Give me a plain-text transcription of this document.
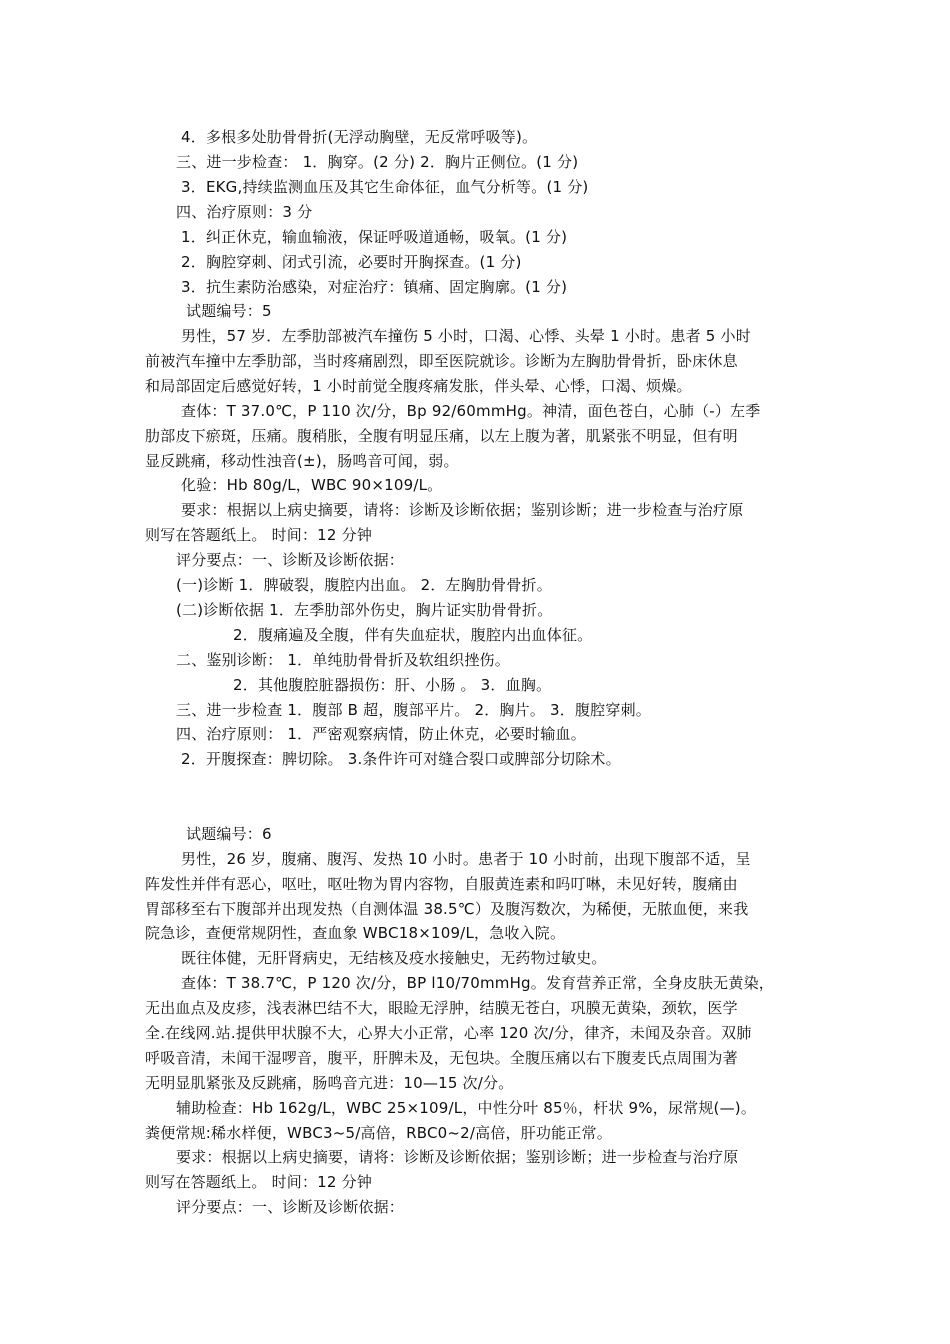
4．多根多处肋骨骨折(无浮动胸壁，无反常呼吸等)。
三、进一步检查： 1．胸穿。(2 分) 2．胸片正侧位。(1 分)
3．EKG,持续监测血压及其它生命体征，血气分析等。(1 分)
四、治疗原则：3 分
1．纠正休克，输血输液，保证呼吸道通畅，吸氧。(1 分)
2．胸腔穿刺、闭式引流，必要时开胸探查。(1 分)
3．抗生素防治感染，对症治疗：镇痛、固定胸廓。(1 分)
试题编号：5
男性，57 岁．左季肋部被汽车撞伤 5 小时，口渴、心悸、头晕 1 小时。患者 5 小时
前被汽车撞中左季肋部，当时疼痛剧烈，即至医院就诊。诊断为左胸肋骨骨折，卧床休息
和局部固定后感觉好转，1 小时前觉全腹疼痛发胀，伴头晕、心悸，口渴、烦燥。
查体：T 37.0℃，P 110 次/分，Bp 92/60mmHg。神清，面色苍白，心肺（-）左季
肋部皮下瘀斑，压痛。腹稍胀，全腹有明显压痛，以左上腹为著，肌紧张不明显，但有明
显反跳痛，移动性浊音(±)，肠鸣音可闻，弱。
化验：Hb 80g/L，WBC 90×109/L。
要求：根据以上病史摘要，请将：诊断及诊断依据；鉴别诊断；进一步检查与治疗原
则写在答题纸上。 时间：12 分钟
评分要点：一、诊断及诊断依据：
(一)诊断 1．脾破裂，腹腔内出血。 2．左胸肋骨骨折。
(二)诊断依据 1．左季肋部外伤史，胸片证实肋骨骨折。
2．腹痛遍及全腹，伴有失血症状，腹腔内出血体征。
二、鉴别诊断： 1．单纯肋骨骨折及软组织挫伤。
2．其他腹腔脏器损伤：肝、小肠 。 3．血胸。
三、进一步检查 1．腹部 B 超，腹部平片。 2．胸片。 3．腹腔穿刺。
四、治疗原则： 1．严密观察病情，防止休克，必要时输血。
2．开腹探查：脾切除。 3.条件许可对缝合裂口或脾部分切除术。
试题编号：6
男性，26 岁，腹痛、腹泻、发热 10 小时。患者于 10 小时前，出现下腹部不适，呈
阵发性并伴有恶心，呕吐，呕吐物为胃内容物，自服黄连素和吗叮啉，未见好转，腹痛由
胃部移至右下腹部并出现发热（自测体温 38.5℃）及腹泻数次，为稀便，无脓血便，来我
院急诊，查便常规阴性，查血象 WBC18×109/L，急收入院。
既往体健，无肝肾病史，无结核及疫水接触史，无药物过敏史。
查体：T 38.7℃，P 120 次/分，BP l10/70mmHg。发育营养正常，全身皮肤无黄染，
无出血点及皮疹，浅表淋巴结不大，眼睑无浮肿，结膜无苍白，巩膜无黄染，颈软，医学
全.在线网.站.提供甲状腺不大，心界大小正常，心率 120 次/分，律齐，未闻及杂音。双肺
呼吸音清，未闻干湿啰音，腹平，肝脾未及，无包块。全腹压痛以右下腹麦氏点周围为著
无明显肌紧张及反跳痛，肠鸣音亢进：10—15 次/分。
辅助检查：Hb 162g/L，WBC 25×109/L，中性分叶 85％，杆状 9%，尿常规(—)。
粪便常规:稀水样便，WBC3~5/高倍，RBC0~2/高倍，肝功能正常。
要求：根据以上病史摘要，请将：诊断及诊断依据；鉴别诊断；进一步检查与治疗原
则写在答题纸上。 时间：12 分钟
评分要点：一、诊断及诊断依据：
